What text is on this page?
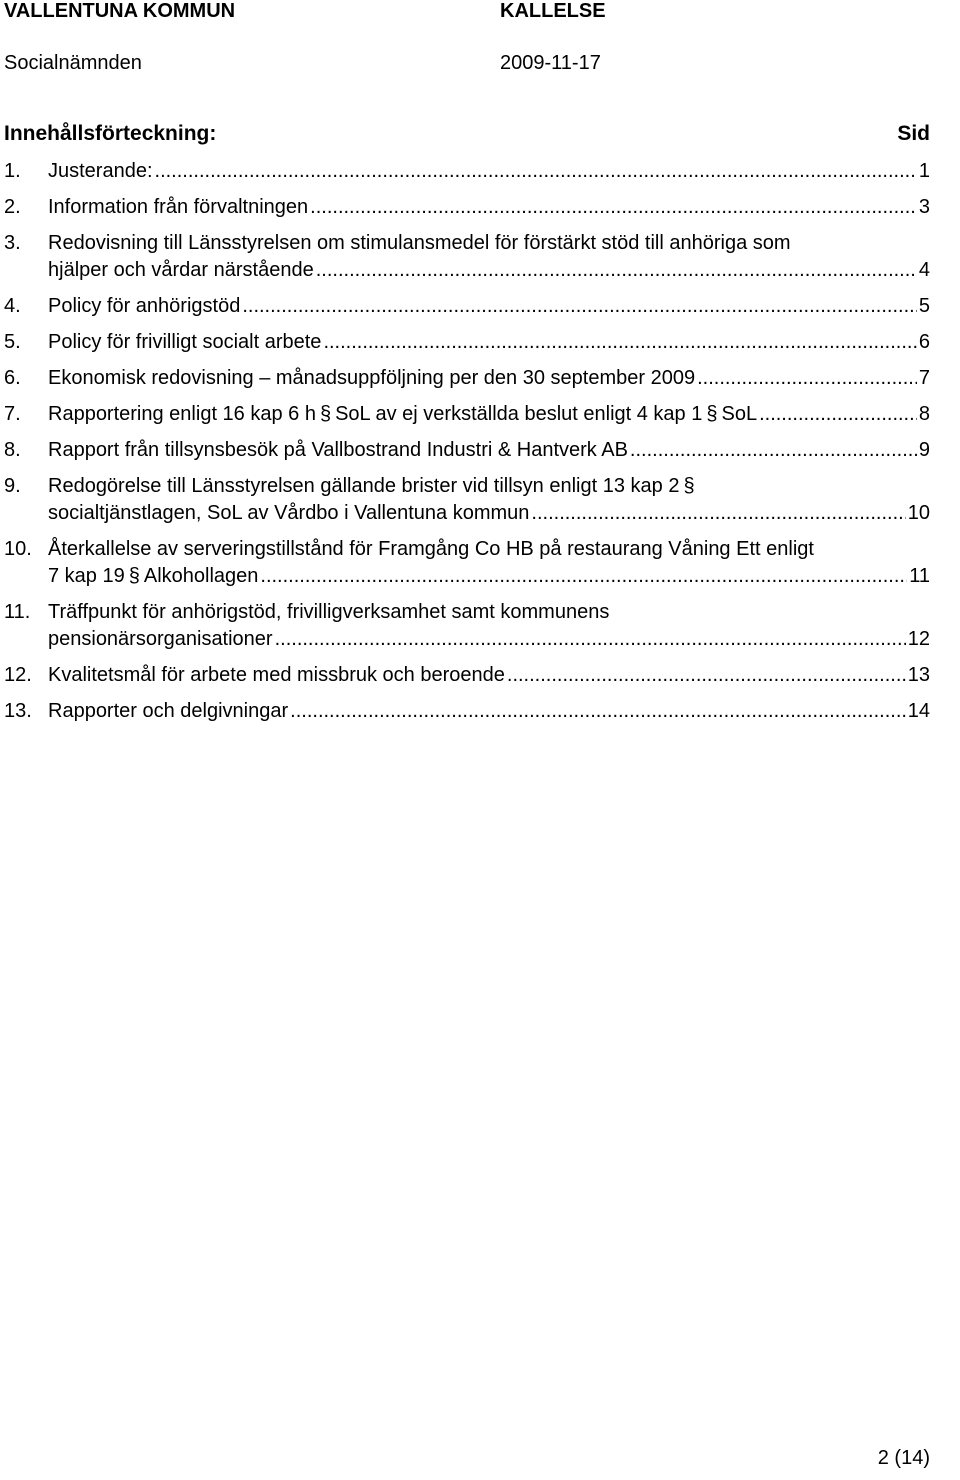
VALLENTUNA KOMMUN	KALLELSE
Socialnämnden	2009-11-17
Innehållsförteckning:	Sid
1.	Justerande: .....	1
2.	Information från förvaltningen .....	3
3.	Redovisning till Länsstyrelsen om stimulansmedel för förstärkt stöd till anhöriga som
hjälper och vårdar närstående .....	4
4.	Policy för anhörigstöd .....	5
5.	Policy för frivilligt socialt arbete .....	6
6.	Ekonomisk redovisning – månadsuppföljning per den 30 september 2009 .....	7
7.	Rapportering enligt 16 kap 6 h § SoL av ej verkställda beslut enligt 4 kap 1 § SoL .....	8
8.	Rapport från tillsynsbesök på Vallbostrand Industri & Hantverk AB .....	9
9.	Redogörelse till Länsstyrelsen gällande brister vid tillsyn enligt 13 kap 2 §
socialtjänstlagen, SoL av Vårdbo i Vallentuna kommun .....	10
10. Återkallelse av serveringstillstånd för Framgång Co HB på restaurang Våning Ett enligt
7 kap 19 § Alkohollagen .....	11
11. Träffpunkt för anhörigstöd, frivilligverksamhet samt kommunens
pensionärsorganisationer .....	12
12. Kvalitetsmål för arbete med missbruk och beroende .....	13
13. Rapporter och delgivningar .....	14
2 (14)
